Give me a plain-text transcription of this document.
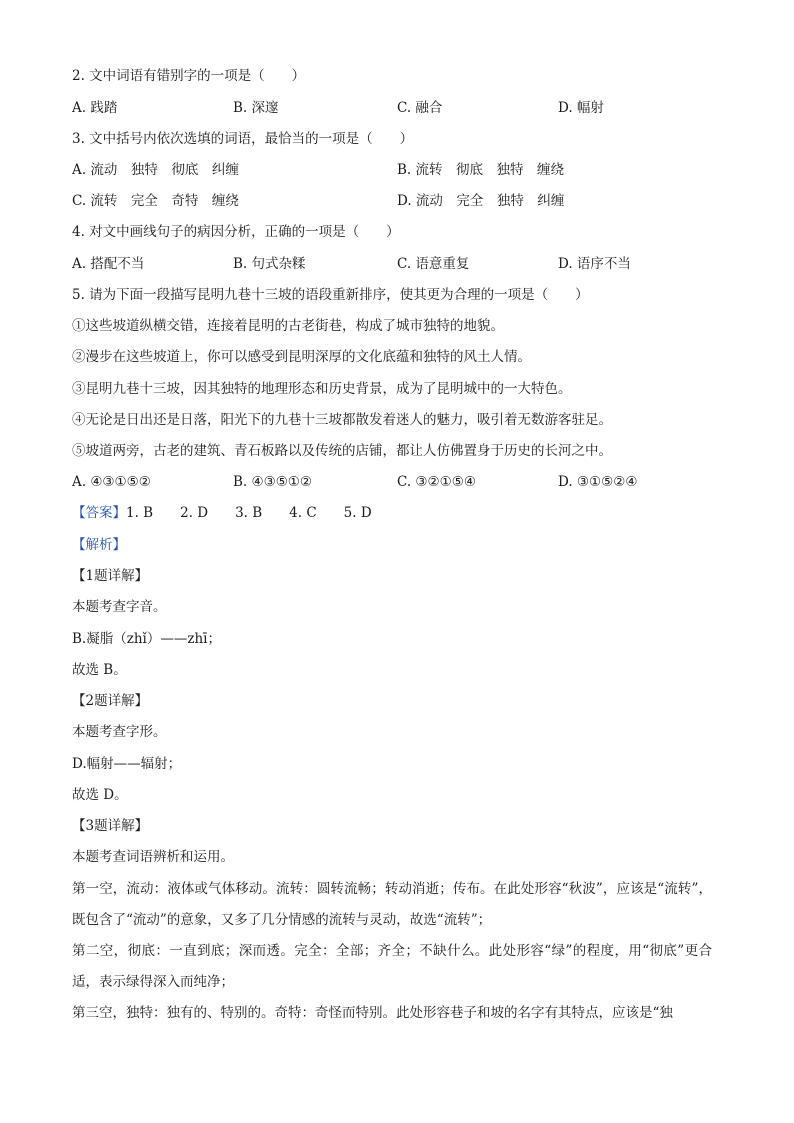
2. 文中词语有错别字的一项是（　　）
A. 践踏	B. 深邃	C. 融合	D. 幅射
3. 文中括号内依次选填的词语，最恰当的一项是（　　）
A. 流动　独特　彻底　纠缠	B. 流转　彻底　独特　缠绕
C. 流转　完全　奇特　缠绕	D. 流动　完全　独特　纠缠
4. 对文中画线句子的病因分析，正确的一项是（　　）
A. 搭配不当	B. 句式杂糅	C. 语意重复	D. 语序不当
5. 请为下面一段描写昆明九巷十三坡的语段重新排序，使其更为合理的一项是（　　）
①这些坡道纵横交错，连接着昆明的古老街巷，构成了城市独特的地貌。
②漫步在这些坡道上，你可以感受到昆明深厚的文化底蕴和独特的风土人情。
③昆明九巷十三坡，因其独特的地理形态和历史背景，成为了昆明城中的一大特色。
④无论是日出还是日落，阳光下的九巷十三坡都散发着迷人的魅力，吸引着无数游客驻足。
⑤坡道两旁，古老的建筑、青石板路以及传统的店铺，都让人仿佛置身于历史的长河之中。
A. ④③①⑤②	B. ④③⑤①②	C. ③②①⑤④	D. ③①⑤②④
【答案】1. B　　2. D　　3. B　　4. C　　5. D
【解析】
【1题详解】
本题考查字音。
B.凝脂（zhǐ）——zhī；
故选 B。
【2题详解】
本题考查字形。
D.幅射——辐射；
故选 D。
【3题详解】
本题考查词语辨析和运用。
第一空，流动：液体或气体移动。流转：圆转流畅；转动消逝；传布。在此处形容“秋波”，应该是“流转”，既包含了“流动”的意象，又多了几分情感的流转与灵动，故选“流转”；
第二空，彻底：一直到底；深而透。完全：全部；齐全；不缺什么。此处形容“绿”的程度，用“彻底”更合适，表示绿得深入而纯净；
第三空，独特：独有的、特别的。奇特：奇怪而特别。此处形容巷子和坡的名字有其特点，应该是“独
